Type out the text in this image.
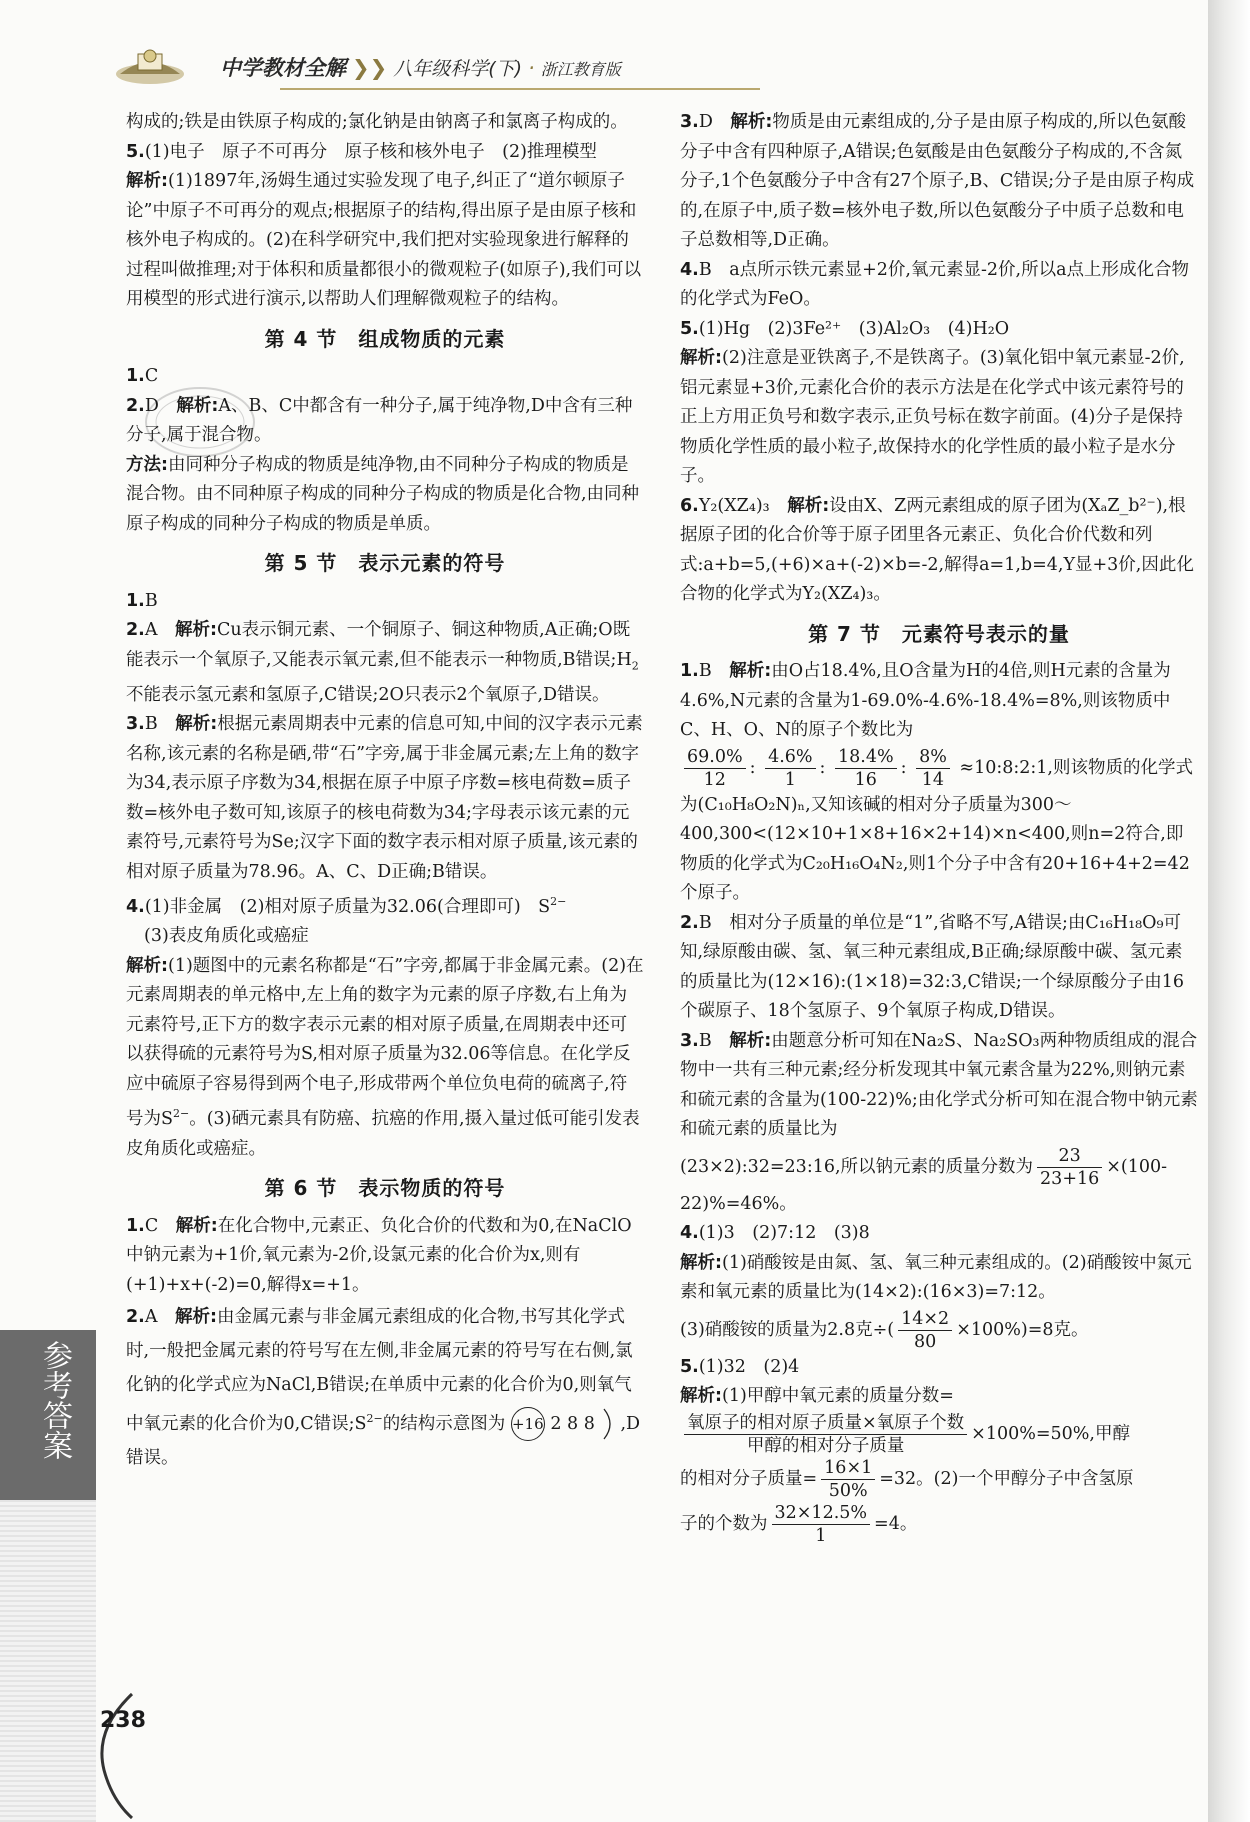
中学教材全解 ❯❯ 八年级科学(下) · 浙江教育版

构成的;铁是由铁原子构成的;氯化钠是由钠离子和氯离子构成的。

5.(1)电子　原子不可再分　原子核和核外电子　(2)推理模型

解析:(1)1897年,汤姆生通过实验发现了电子,纠正了“道尔顿原子论”中原子不可再分的观点;根据原子的结构,得出原子是由原子核和核外电子构成的。(2)在科学研究中,我们把对实验现象进行解释的过程叫做推理;对于体积和质量都很小的微观粒子(如原子),我们可以用模型的形式进行演示,以帮助人们理解微观粒子的结构。

第 4 节　组成物质的元素

1.C

2.D　 解析:A、B、C中都含有一种分子,属于纯净物,D中含有三种分子,属于混合物。

方法:由同种分子构成的物质是纯净物,由不同种分子构成的物质是混合物。由不同种原子构成的同种分子构成的物质是化合物,由同种原子构成的同种分子构成的物质是单质。

第 5 节　表示元素的符号

1.B

2.A　 解析:Cu表示铜元素、一个铜原子、铜这种物质,A正确;O既能表示一个氧原子,又能表示氧元素,但不能表示一种物质,B错误$;H_2$不能表示氢元素和氢原子,C错误;2O只表示2个氧原子,D错误。

3.B　 解析:根据元素周期表中元素的信息可知,中间的汉字表示元素名称,该元素的名称是硒,带“石”字旁,属于非金属元素;左上角的数字为34,表示原子序数为34,根据在原子中原子序数=核电荷数=质子数=核外电子数可知,该原子的核电荷数为34;字母表示该元素的元素符号,元素符号为Se;汉字下面的数字表示相对原子质量,该元素的相对原子质量为78.96。A、C、D正确;B错误。

4.(1)非金属　(2)相对原子质量为32.06(合理即可)　$S^{2-}$

(3)表皮角质化或癌症

解析:(1)题图中的元素名称都是“石”字旁,都属于非金属元素。(2)在元素周期表的单元格中,左上角的数字为元素的原子序数,右上角为元素符号,正下方的数字表示元素的相对原子质量,在周期表中还可以获得硫的元素符号为S,相对原子质量为32.06等信息。在化学反应中硫原子容易得到两个电子,形成带两个单位负电荷的硫离子,符号为$S^{2-}$。(3)硒元素具有防癌、抗癌的作用,摄入量过低可能引发表皮角质化或癌症。

第 6 节　表示物质的符号

1.C　 解析:在化合物中,元素正、负化合价的代数和为0,在NaClO中钠元素为+1价,氧元素为-2价,设氯元素的化合价为x,则有(+1)+x+(-2)=0,解得x=+1。

2.A　 解析:由金属元素与非金属元素组成的化合物,书写其化学式时,一般把金属元素的符号写在左侧,非金属元素的符号写在右侧,氯化钠的化学式应为NaCl,B错误;在单质中元素的化合价为0,则氧气中氧元素的化合价为0,C错误$;S^{2-}$的结构示意图为 +16 2 8 8 ,D错误。

3.D　 解析:物质是由元素组成的,分子是由原子构成的,所以色氨酸分子中含有四种原子,A错误;色氨酸是由色氨酸分子构成的,不含氮分子,1个色氨酸分子中含有27个原子,B、C错误;分子是由原子构成的,在原子中,质子数=核外电子数,所以色氨酸分子中质子总数和电子总数相等,D正确。

4.B　 a点所示铁元素显+2价,氧元素显-2价,所以a点上形成化合物的化学式为FeO。

5.(1)Hg　(2)3Fe²⁺　(3)Al₂O₃　(4)H₂O

解析:(2)注意是亚铁离子,不是铁离子。(3)氧化铝中氧元素显-2价,铝元素显+3价,元素化合价的表示方法是在化学式中该元素符号的正上方用正负号和数字表示,正负号标在数字前面。(4)分子是保持物质化学性质的最小粒子,故保持水的化学性质的最小粒子是水分子。

6.Y₂(XZ₄)₃　 解析:设由X、Z两元素组成的原子团为(XₐZ_b²⁻),根据原子团的化合价等于原子团里各元素正、负化合价代数和列式:a+b=5,(+6)×a+(-2)×b=-2,解得a=1,b=4,Y显+3价,因此化合物的化学式为Y₂(XZ₄)₃。

第 7 节　元素符号表示的量

1.B　 解析:由O占18.4%,且O含量为H的4倍,则H元素的含量为4.6%,N元素的含量为1-69.0%-4.6%-18.4%=8%,则该物质中C、H、O、N的原子个数比为

$\frac{69.0\%}{12}$ : $\frac{4.6\%}{1}$ : $\frac{18.4\%}{16}$ : $\frac{8\%}{14}$ ≈10:8:2:1,则该物质的化学式为(C₁₀H₈O₂N)ₙ,又知该碱的相对分子质量为300～400,300<(12×10+1×8+16×2+14)×n<400,则n=2符合,即物质的化学式为C₂₀H₁₆O₄N₂,则1个分子中含有20+16+4+2=42个原子。

2.B　 相对分子质量的单位是“1”,省略不写,A错误;由C₁₆H₁₈O₉可知,绿原酸由碳、氢、氧三种元素组成,B正确;绿原酸中碳、氢元素的质量比为(12×16):(1×18)=32:3,C错误;一个绿原酸分子由16个碳原子、18个氢原子、9个氧原子构成,D错误。

3.B　 解析:由题意分析可知在Na₂S、Na₂SO₃两种物质组成的混合物中一共有三种元素;经分析发现其中氧元素含量为22%,则钠元素和硫元素的含量为(100-22)%;由化学式分析可知在混合物中钠元素和硫元素的质量比为

(23×2):32=23:16,所以钠元素的质量分数为 $\frac{23}{23+16} \times(100-22)\%=46\%$。

4.(1)3　(2)7:12　(3)8

解析:(1)硝酸铵是由氮、氢、氧三种元素组成的。(2)硝酸铵中氮元素和氧元素的质量比为(14×2):(16×3)=7:12。

(3)硝酸铵的质量为2.8克÷( $\frac{14\times 2}{80} \times 100\%)=8$克。

5.(1)32　(2)4

解析:(1)甲醇中氧元素的质量分数=

$\frac{\text{氧原子的相对原子质量×氧原子个数}}{\text{甲醇的相对分子质量}} \times 100\%=50\%$,甲醇

的相对分子质量= $\frac{16\times 1}{50\%} =32$。(2)一个甲醇分子中含氢原

子的个数为 $\frac{32\times 12.5\%}{1} =4$。

参考答案
238
